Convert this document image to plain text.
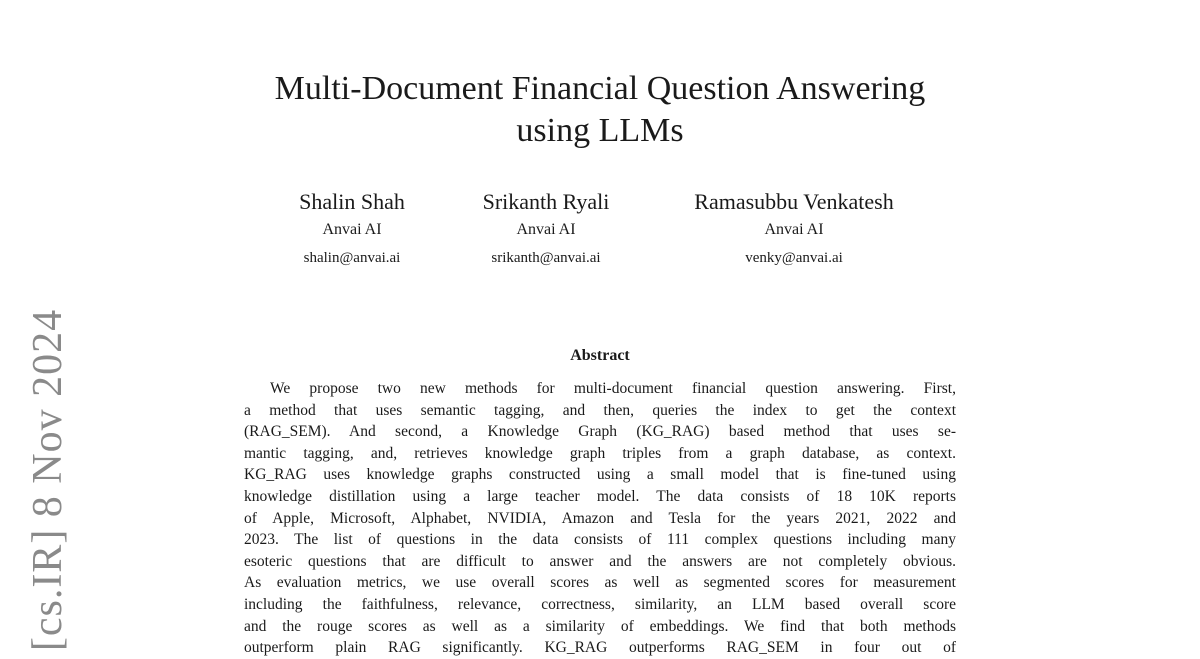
[cs.IR] 8 Nov 2024
Multi-Document Financial Question Answering
using LLMs
Shalin Shah
Anvai AI
shalin@anvai.ai
Srikanth Ryali
Anvai AI
srikanth@anvai.ai
Ramasubbu Venkatesh
Anvai AI
venky@anvai.ai
Abstract
We propose two new methods for multi-document financial question answering. First,
a method that uses semantic tagging, and then, queries the index to get the context
(RAG_SEM). And second, a Knowledge Graph (KG_RAG) based method that uses se-
mantic tagging, and, retrieves knowledge graph triples from a graph database, as context.
KG_RAG uses knowledge graphs constructed using a small model that is fine-tuned using
knowledge distillation using a large teacher model. The data consists of 18 10K reports
of Apple, Microsoft, Alphabet, NVIDIA, Amazon and Tesla for the years 2021, 2022 and
2023. The list of questions in the data consists of 111 complex questions including many
esoteric questions that are difficult to answer and the answers are not completely obvious.
As evaluation metrics, we use overall scores as well as segmented scores for measurement
including the faithfulness, relevance, correctness, similarity, an LLM based overall score
and the rouge scores as well as a similarity of embeddings. We find that both methods
outperform plain RAG significantly. KG_RAG outperforms RAG_SEM in four out of
